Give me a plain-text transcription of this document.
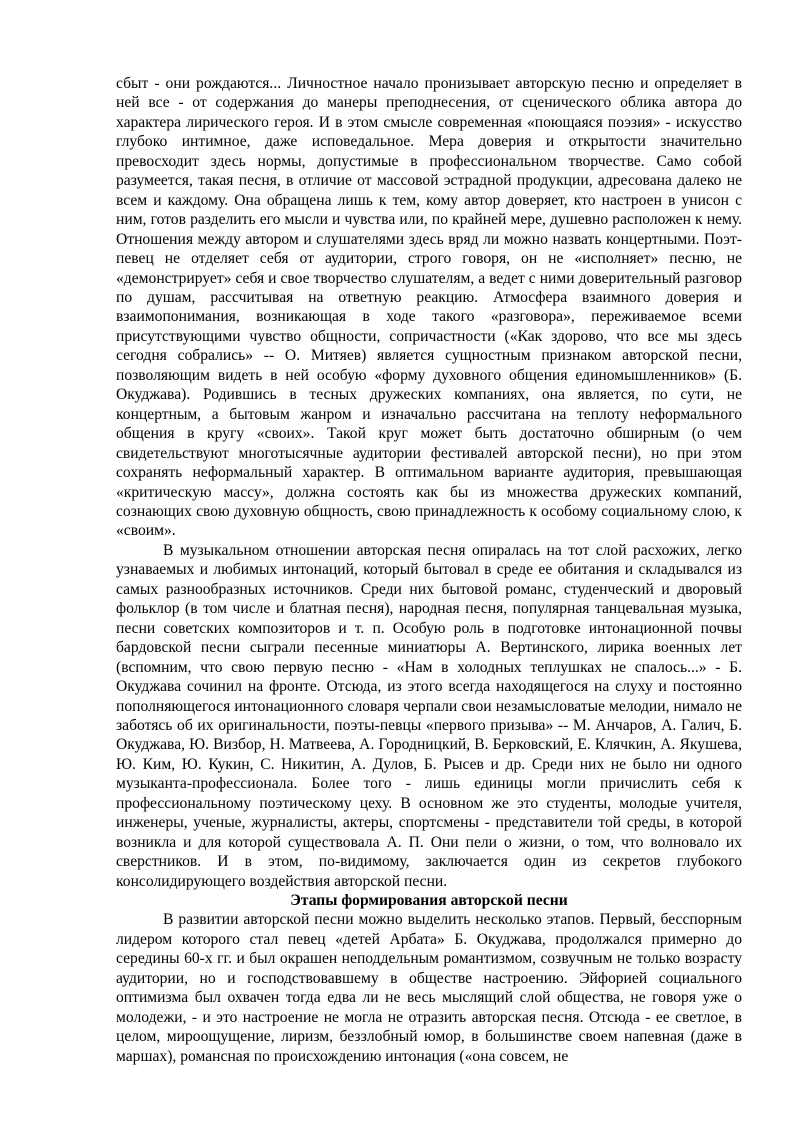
сбыт - они рождаются... Личностное начало пронизывает авторскую песню и определяет в ней все - от содержания до манеры преподнесения, от сценического облика автора до характера лирического героя. И в этом смысле современная «поющаяся поэзия» - искусство глубоко интимное, даже исповедальное. Мера доверия и открытости значительно превосходит здесь нормы, допустимые в профессиональном творчестве. Само собой разумеется, такая песня, в отличие от массовой эстрадной продукции, адресована далеко не всем и каждому. Она обращена лишь к тем, кому автор доверяет, кто настроен в унисон с ним, готов разделить его мысли и чувства или, по крайней мере, душевно расположен к нему. Отношения между автором и слушателями здесь вряд ли можно назвать концертными. Поэт-певец не отделяет себя от аудитории, строго говоря, он не «исполняет» песню, не «демонстрирует» себя и свое творчество слушателям, а ведет с ними доверительный разговор по душам, рассчитывая на ответную реакцию. Атмосфера взаимного доверия и взаимопонимания, возникающая в ходе такого «разговора», переживаемое всеми присутствующими чувство общности, сопричастности («Как здорово, что все мы здесь сегодня собрались» -- О. Митяев) является сущностным признаком авторской песни, позволяющим видеть в ней особую «форму духовного общения единомышленников» (Б. Окуджава). Родившись в тесных дружеских компаниях, она является, по сути, не концертным, а бытовым жанром и изначально рассчитана на теплоту неформального общения в кругу «своих». Такой круг может быть достаточно обширным (о чем свидетельствуют многотысячные аудитории фестивалей авторской песни), но при этом сохранять неформальный характер. В оптимальном варианте аудитория, превышающая «критическую массу», должна состоять как бы из множества дружеских компаний, сознающих свою духовную общность, свою принадлежность к особому социальному слою, к «своим».

В музыкальном отношении авторская песня опиралась на тот слой расхожих, легко узнаваемых и любимых интонаций, который бытовал в среде ее обитания и складывался из самых разнообразных источников. Среди них бытовой романс, студенческий и дворовый фольклор (в том числе и блатная песня), народная песня, популярная танцевальная музыка, песни советских композиторов и т. п. Особую роль в подготовке интонационной почвы бардовской песни сыграли песенные миниатюры А. Вертинского, лирика военных лет (вспомним, что свою первую песню - «Нам в холодных теплушках не спалось...» - Б. Окуджава сочинил на фронте. Отсюда, из этого всегда находящегося на слуху и постоянно пополняющегося интонационного словаря черпали свои незамысловатые мелодии, нимало не заботясь об их оригинальности, поэты-певцы «первого призыва» -- М. Анчаров, А. Галич, Б. Окуджава, Ю. Визбор, Н. Матвеева, А. Городницкий, В. Берковский, Е. Клячкин, А. Якушева, Ю. Ким, Ю. Кукин, С. Никитин, А. Дулов, Б. Рысев и др. Среди них не было ни одного музыканта-профессионала. Более того - лишь единицы могли причислить себя к профессиональному поэтическому цеху. В основном же это студенты, молодые учителя, инженеры, ученые, журналисты, актеры, спортсмены - представители той среды, в которой возникла и для которой существовала А. П. Они пели о жизни, о том, что волновало их сверстников. И в этом, по-видимому, заключается один из секретов глубокого консолидирующего воздействия авторской песни.

Этапы формирования авторской песни

В развитии авторской песни можно выделить несколько этапов. Первый, бесспорным лидером которого стал певец «детей Арбата» Б. Окуджава, продолжался примерно до середины 60-х гг. и был окрашен неподдельным романтизмом, созвучным не только возрасту аудитории, но и господствовавшему в обществе настроению. Эйфорией социального оптимизма был охвачен тогда едва ли не весь мыслящий слой общества, не говоря уже о молодежи, - и это настроение не могла не отразить авторская песня. Отсюда - ее светлое, в целом, мироощущение, лиризм, беззлобный юмор, в большинстве своем напевная (даже в маршах), романсная по происхождению интонация («она совсем, не
